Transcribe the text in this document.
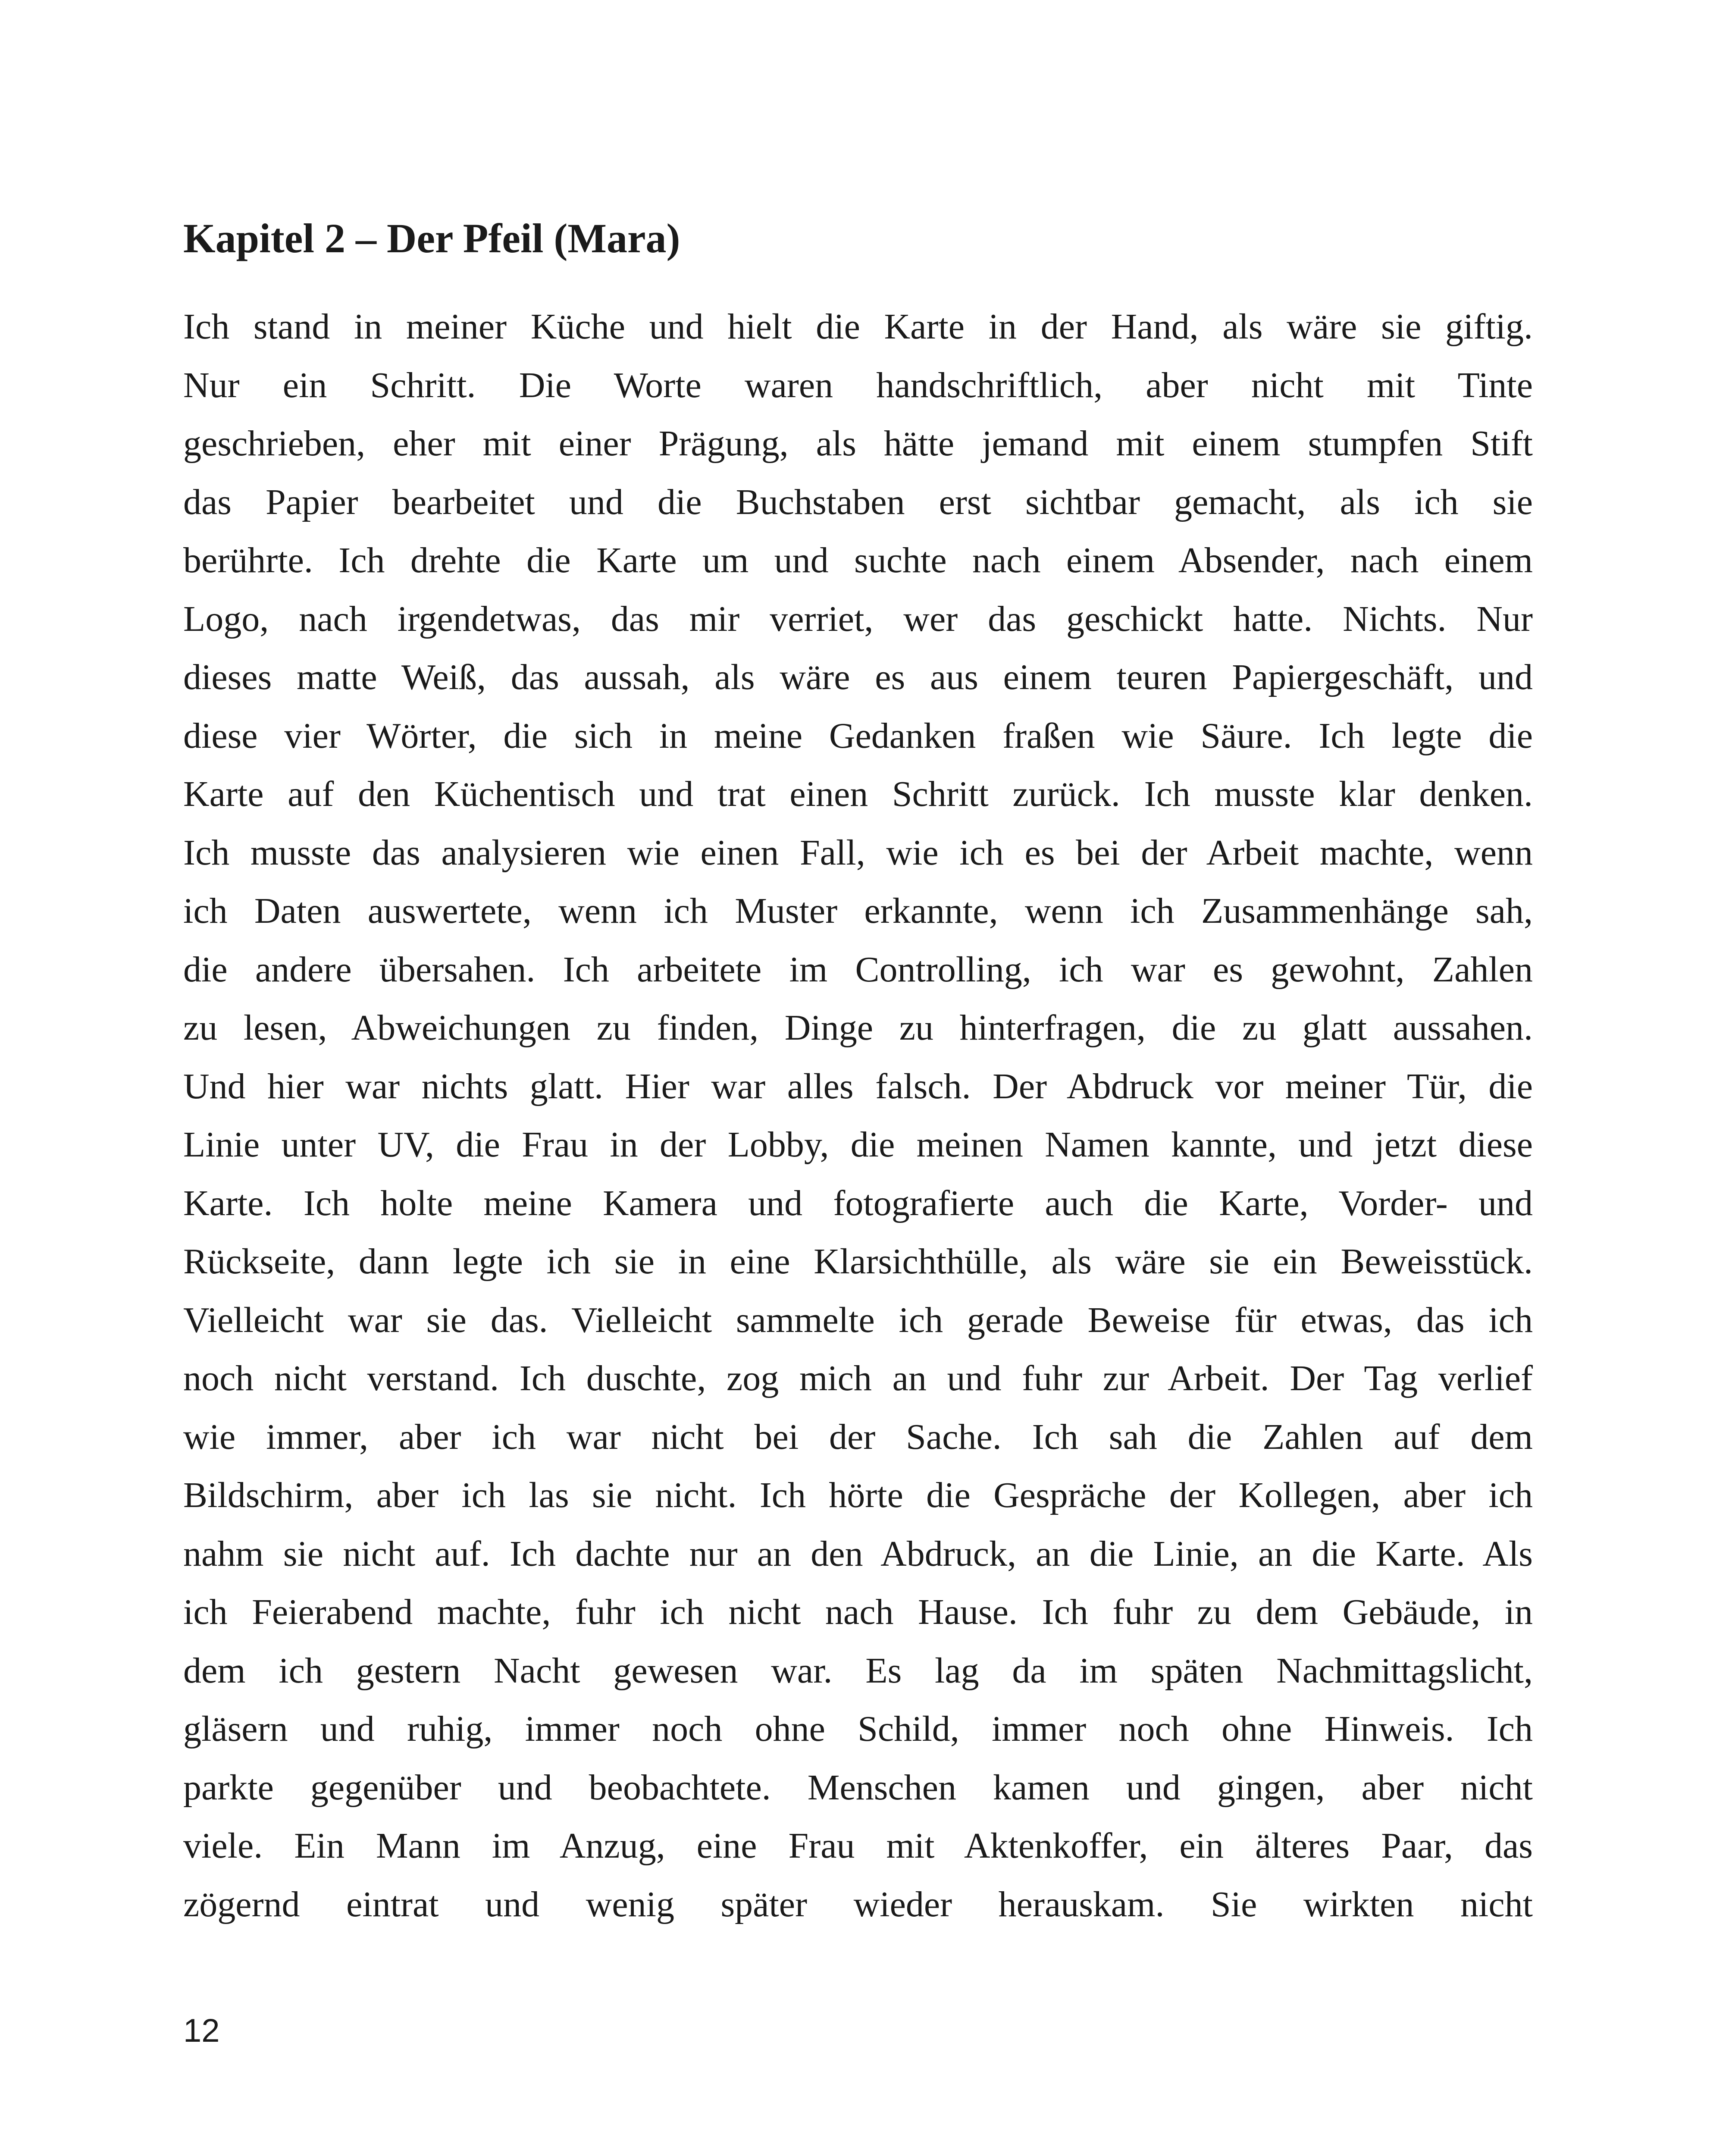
Kapitel 2 – Der Pfeil (Mara)
Ich stand in meiner Küche und hielt die Karte in der Hand, als wäre sie giftig.
Nur ein Schritt. Die Worte waren handschriftlich, aber nicht mit Tinte
geschrieben, eher mit einer Prägung, als hätte jemand mit einem stumpfen Stift
das Papier bearbeitet und die Buchstaben erst sichtbar gemacht, als ich sie
berührte. Ich drehte die Karte um und suchte nach einem Absender, nach einem
Logo, nach irgendetwas, das mir verriet, wer das geschickt hatte. Nichts. Nur
dieses matte Weiß, das aussah, als wäre es aus einem teuren Papiergeschäft, und
diese vier Wörter, die sich in meine Gedanken fraßen wie Säure. Ich legte die
Karte auf den Küchentisch und trat einen Schritt zurück. Ich musste klar denken.
Ich musste das analysieren wie einen Fall, wie ich es bei der Arbeit machte, wenn
ich Daten auswertete, wenn ich Muster erkannte, wenn ich Zusammenhänge sah,
die andere übersahen. Ich arbeitete im Controlling, ich war es gewohnt, Zahlen
zu lesen, Abweichungen zu finden, Dinge zu hinterfragen, die zu glatt aussahen.
Und hier war nichts glatt. Hier war alles falsch. Der Abdruck vor meiner Tür, die
Linie unter UV, die Frau in der Lobby, die meinen Namen kannte, und jetzt diese
Karte. Ich holte meine Kamera und fotografierte auch die Karte, Vorder- und
Rückseite, dann legte ich sie in eine Klarsichthülle, als wäre sie ein Beweisstück.
Vielleicht war sie das. Vielleicht sammelte ich gerade Beweise für etwas, das ich
noch nicht verstand. Ich duschte, zog mich an und fuhr zur Arbeit. Der Tag verlief
wie immer, aber ich war nicht bei der Sache. Ich sah die Zahlen auf dem
Bildschirm, aber ich las sie nicht. Ich hörte die Gespräche der Kollegen, aber ich
nahm sie nicht auf. Ich dachte nur an den Abdruck, an die Linie, an die Karte. Als
ich Feierabend machte, fuhr ich nicht nach Hause. Ich fuhr zu dem Gebäude, in
dem ich gestern Nacht gewesen war. Es lag da im späten Nachmittagslicht,
gläsern und ruhig, immer noch ohne Schild, immer noch ohne Hinweis. Ich
parkte gegenüber und beobachtete. Menschen kamen und gingen, aber nicht
viele. Ein Mann im Anzug, eine Frau mit Aktenkoffer, ein älteres Paar, das
zögernd eintrat und wenig später wieder herauskam. Sie wirkten nicht
12
